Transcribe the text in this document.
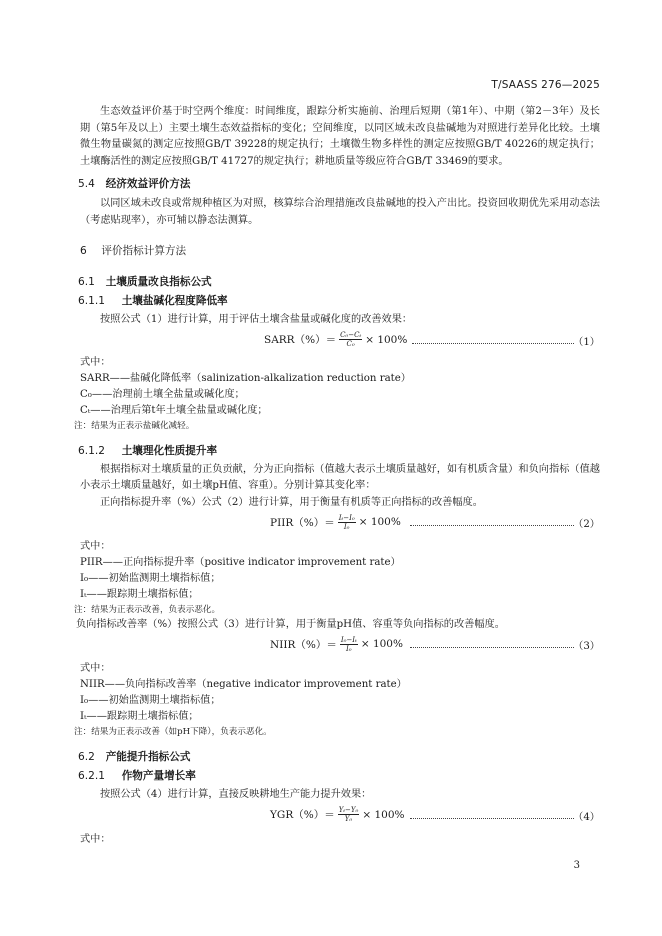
T/SAASS 276—2025

生态效益评价基于时空两个维度：时间维度，跟踪分析实施前、治理后短期（第1年）、中期（第2－3年）及长期（第5年及以上）主要土壤生态效益指标的变化；空间维度，以同区域未改良盐碱地为对照进行差异化比较。土壤微生物量碳氮的测定应按照GB/T 39228的规定执行；土壤微生物多样性的测定应按照GB/T 40226的规定执行；土壤酶活性的测定应按照GB/T 41727的规定执行；耕地质量等级应符合GB/T 33469的要求。

5.4 经济效益评价方法

以同区域未改良或常规种植区为对照，核算综合治理措施改良盐碱地的投入产出比。投资回收期优先采用动态法（考虑贴现率），亦可辅以静态法测算。

6 评价指标计算方法
6.1 土壤质量改良指标公式
6.1.1 土壤盐碱化程度降低率

按照公式（1）进行计算，用于评估土壤含盐量或碱化度的改善效果：

SARR（%）＝ $\frac{\text{C₀−Cₜ}}{\text{C₀}} \times 100\%$	（1）

式中：

SARR——盐碱化降低率（salinization-alkalization reduction rate）

C₀——治理前土壤全盐量或碱化度；

Cₜ——治理后第t年土壤全盐量或碱化度；

注：结果为正表示盐碱化减轻。

6.1.2 土壤理化性质提升率

根据指标对土壤质量的正负贡献，分为正向指标（值越大表示土壤质量越好，如有机质含量）和负向指标（值越小表示土壤质量越好，如土壤pH值、容重）。分别计算其变化率：

正向指标提升率（%）公式（2）进行计算，用于衡量有机质等正向指标的改善幅度。

PIIR（%）＝ $\frac{\text{Iₜ−I₀}}{\text{I₀}} \times 100\%$	（2）

式中：

PIIR——正向指标提升率（positive indicator improvement rate）

I₀——初始监测期土壤指标值；

Iₜ——跟踪期土壤指标值；

注：结果为正表示改善，负表示恶化。

负向指标改善率（%）按照公式（3）进行计算，用于衡量pH值、容重等负向指标的改善幅度。

NIIR（%）＝ $\frac{\text{I₀−Iₜ}}{\text{I₀}} \times 100\%$	（3）

式中：

NIIR——负向指标改善率（negative indicator improvement rate）

I₀——初始监测期土壤指标值；

Iₜ——跟踪期土壤指标值；

注：结果为正表示改善（如pH下降），负表示恶化。

6.2 产能提升指标公式
6.2.1 作物产量增长率

按照公式（4）进行计算，直接反映耕地生产能力提升效果：

$YGR(\%)= \frac{\text{Yₜ−Y₀}}{\text{Y₀}} \times 100\%$	（4）

式中：

3
